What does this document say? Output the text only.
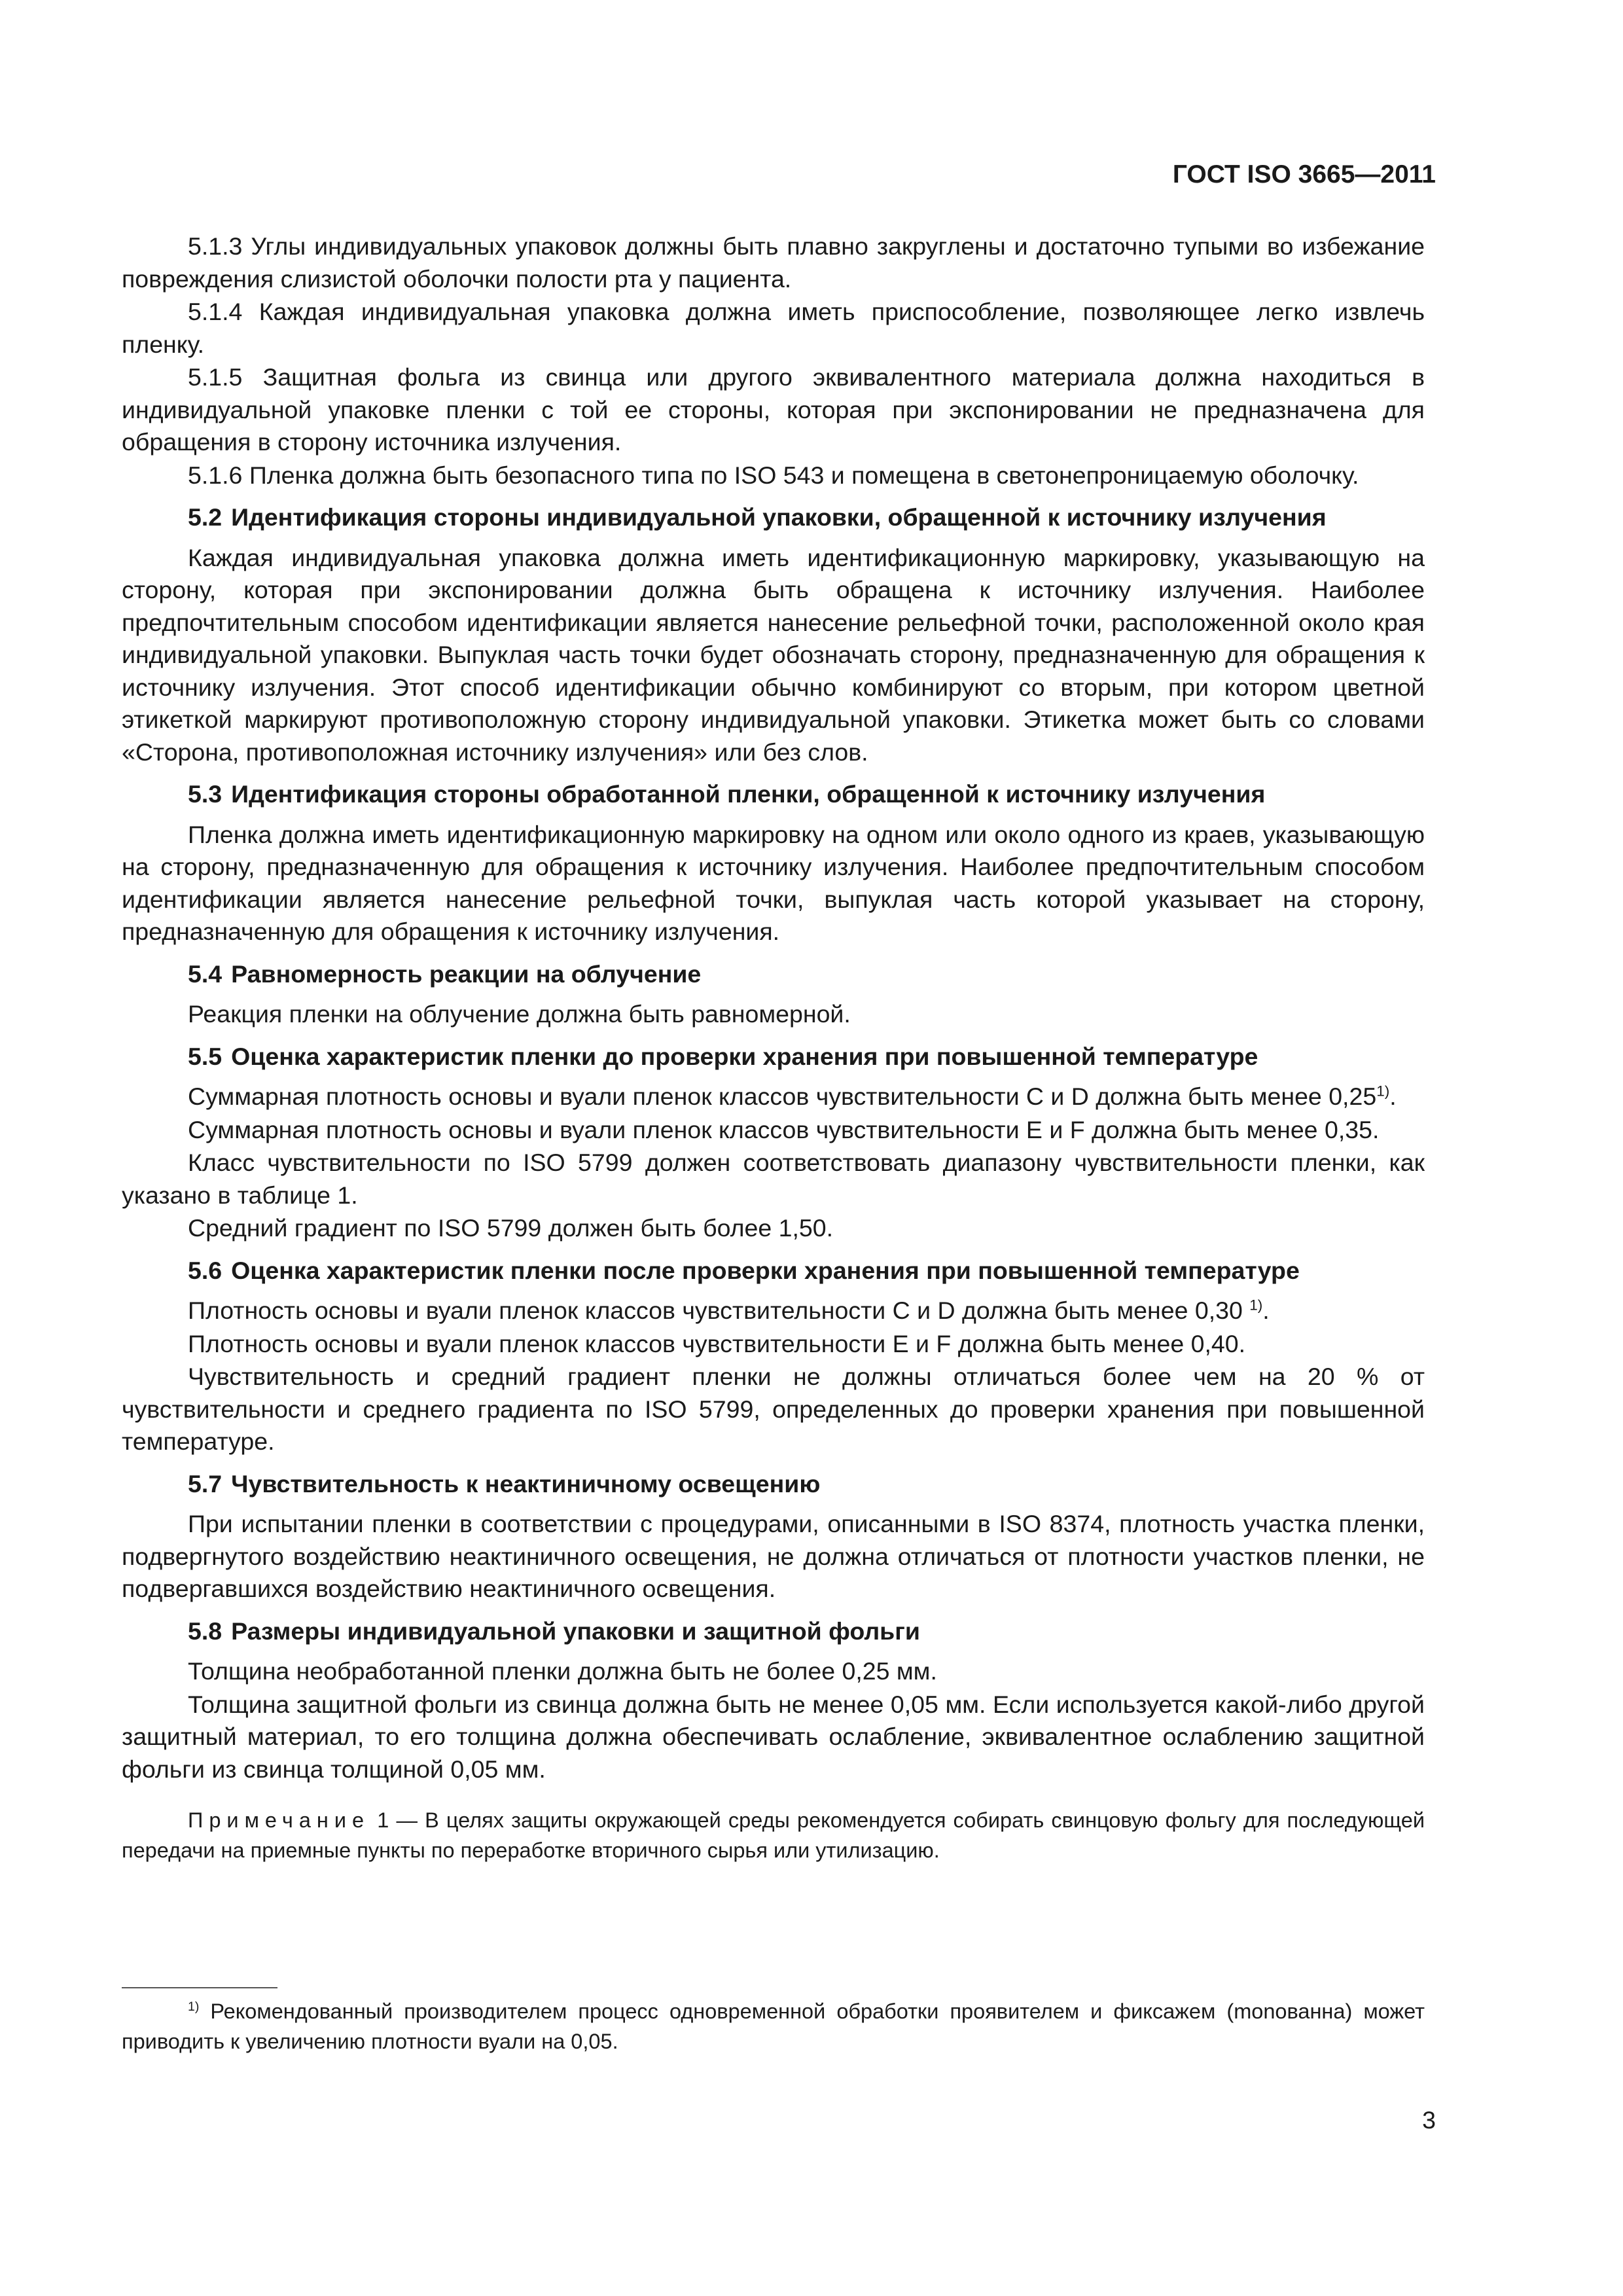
ГОСТ ISO 3665—2011

5.1.3 Углы индивидуальных упаковок должны быть плавно закруглены и достаточно тупыми во избежание повреждения слизистой оболочки полости рта у пациента.

5.1.4 Каждая индивидуальная упаковка должна иметь приспособление, позволяющее легко извлечь пленку.

5.1.5 Защитная фольга из свинца или другого эквивалентного материала должна находиться в индивидуальной упаковке пленки с той ее стороны, которая при экспонировании не предназначена для обращения в сторону источника излучения.

5.1.6 Пленка должна быть безопасного типа по ISO 543 и помещена в светонепроницаемую оболочку.

5.2 Идентификация стороны индивидуальной упаковки, обращенной к источнику излучения

Каждая индивидуальная упаковка должна иметь идентификационную маркировку, указывающую на сторону, которая при экспонировании должна быть обращена к источнику излучения. Наиболее предпочтительным способом идентификации является нанесение рельефной точки, расположенной около края индивидуальной упаковки. Выпуклая часть точки будет обозначать сторону, предназначенную для обращения к источнику излучения. Этот способ идентификации обычно комбинируют со вторым, при котором цветной этикеткой маркируют противоположную сторону индивидуальной упаковки. Этикетка может быть со словами «Сторона, противоположная источнику излучения» или без слов.

5.3 Идентификация стороны обработанной пленки, обращенной к источнику излучения

Пленка должна иметь идентификационную маркировку на одном или около одного из краев, указывающую на сторону, предназначенную для обращения к источнику излучения. Наиболее предпочтительным способом идентификации является нанесение рельефной точки, выпуклая часть которой указывает на сторону, предназначенную для обращения к источнику излучения.

5.4 Равномерность реакции на облучение

Реакция пленки на облучение должна быть равномерной.

5.5 Оценка характеристик пленки до проверки хранения при повышенной температуре

Суммарная плотность основы и вуали пленок классов чувствительности C и D должна быть менее 0,25$^{1)}$.

Суммарная плотность основы и вуали пленок классов чувствительности E и F должна быть менее 0,35.

Класс чувствительности по ISO 5799 должен соответствовать диапазону чувствительности пленки, как указано в таблице 1.

Средний градиент по ISO 5799 должен быть более 1,50.

5.6 Оценка характеристик пленки после проверки хранения при повышенной температуре

Плотность основы и вуали пленок классов чувствительности C и D должна быть менее 0,30 $^{1)}$.

Плотность основы и вуали пленок классов чувствительности E и F должна быть менее 0,40.

Чувствительность и средний градиент пленки не должны отличаться более чем на 20 % от чувствительности и среднего градиента по ISO 5799, определенных до проверки хранения при повышенной температуре.

5.7 Чувствительность к неактиничному освещению

При испытании пленки в соответствии с процедурами, описанными в ISO 8374, плотность участка пленки, подвергнутого воздействию неактиничного освещения, не должна отличаться от плотности участков пленки, не подвергавшихся воздействию неактиничного освещения.

5.8 Размеры индивидуальной упаковки и защитной фольги

Толщина необработанной пленки должна быть не более 0,25 мм.

Толщина защитной фольги из свинца должна быть не менее 0,05 мм. Если используется какой-либо другой защитный материал, то его толщина должна обеспечивать ослабление, эквивалентное ослаблению защитной фольги из свинца толщиной 0,05 мм.

Примечание 1 — В целях защиты окружающей среды рекомендуется собирать свинцовую фольгу для последующей передачи на приемные пункты по переработке вторичного сырья или утилизацию.

$^{1)}$ Рекомендованный производителем процесс одновременной обработки проявителем и фиксажем (monoванна) может приводить к увеличению плотности вуали на 0,05.
3
